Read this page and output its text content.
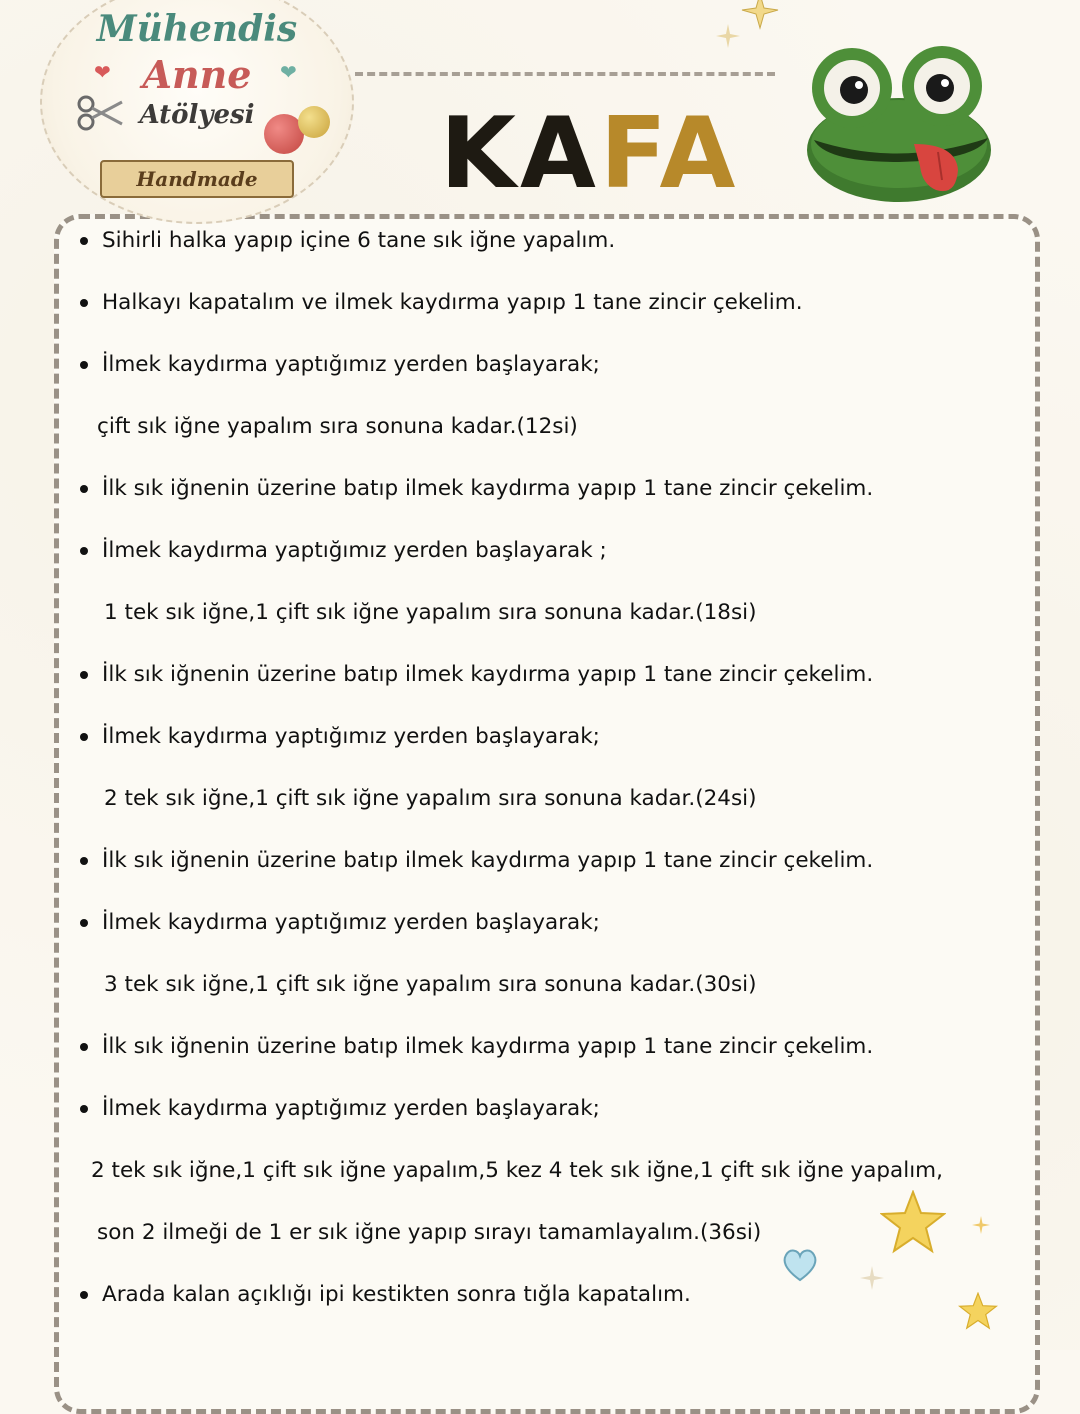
Mühendis
Anne
Atölyesi
❤	❤
Handmade	KAFA
Sihirli halka yapıp içine 6 tane sık iğne yapalım.
Halkayı kapatalım ve ilmek kaydırma yapıp 1 tane zincir çekelim.
İlmek kaydırma yaptığımız yerden başlayarak;
çift sık iğne yapalım sıra sonuna kadar.(12si)
İlk sık iğnenin üzerine batıp ilmek kaydırma yapıp 1 tane zincir çekelim.
İlmek kaydırma yaptığımız yerden başlayarak ;
1 tek sık iğne,1 çift sık iğne yapalım sıra sonuna kadar.(18si)
İlk sık iğnenin üzerine batıp ilmek kaydırma yapıp 1 tane zincir çekelim.
İlmek kaydırma yaptığımız yerden başlayarak;
2 tek sık iğne,1 çift sık iğne yapalım sıra sonuna kadar.(24si)
İlk sık iğnenin üzerine batıp ilmek kaydırma yapıp 1 tane zincir çekelim.
İlmek kaydırma yaptığımız yerden başlayarak;
3 tek sık iğne,1 çift sık iğne yapalım sıra sonuna kadar.(30si)
İlk sık iğnenin üzerine batıp ilmek kaydırma yapıp 1 tane zincir çekelim.
İlmek kaydırma yaptığımız yerden başlayarak;
2 tek sık iğne,1 çift sık iğne yapalım,5 kez 4 tek sık iğne,1 çift sık iğne yapalım,
son 2 ilmeği de 1 er sık iğne yapıp sırayı tamamlayalım.(36si)
Arada kalan açıklığı ipi kestikten sonra tığla kapatalım.
